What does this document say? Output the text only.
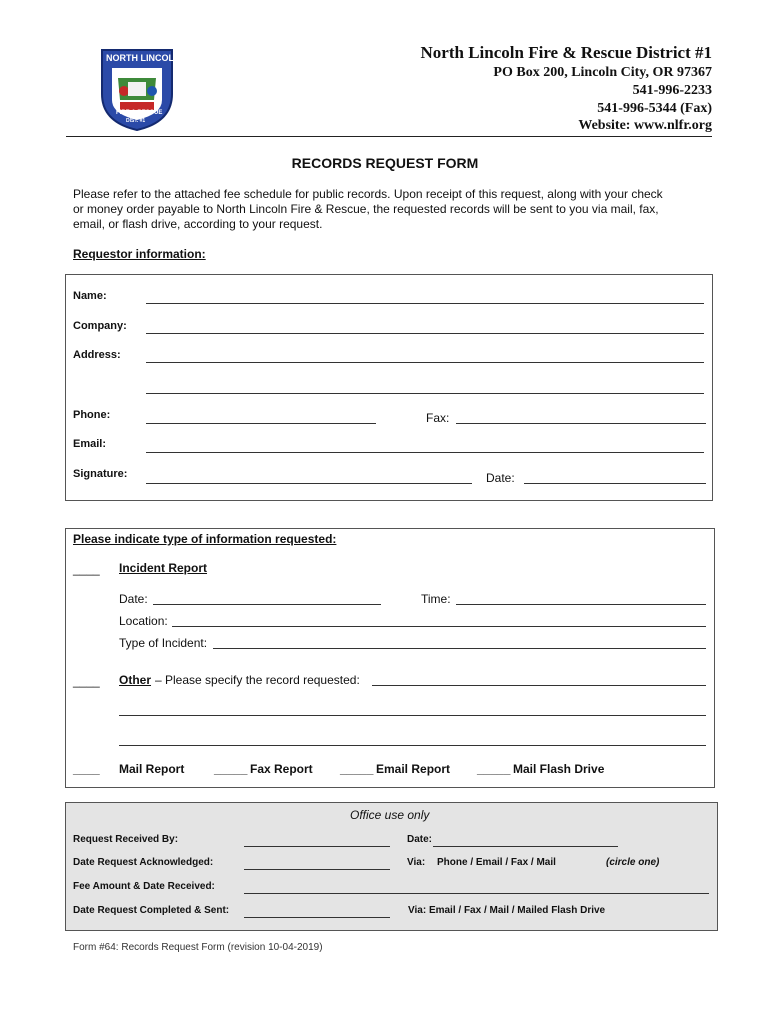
NORTH LINCOLN
FIRE & RESCUE
DIST. #1
North Lincoln Fire & Rescue District #1
PO Box 200, Lincoln City, OR 97367
541-996-2233
541-996-5344 (Fax)
Website: www.nlfr.org
RECORDS REQUEST FORM
Please refer to the attached fee schedule for public records. Upon receipt of this request, along with your check
or money order payable to North Lincoln Fire & Rescue, the requested records will be sent to you via mail, fax,
email, or flash drive, according to your request.
Requestor information:
Name:
Company:
Address:
Phone:	Fax:
Email:
Signature:	Date:
Please indicate type of information requested:
____ Incident Report
Date:	Time:
Location:
Type of Incident:
____ Other – Please specify the record requested:
____ Mail Report _____ Fax Report _____ Email Report _____ Mail Flash Drive
Office use only
Request Received By:	Date:
Date Request Acknowledged:	Via: Phone / Email / Fax / Mail	(circle one)
Fee Amount & Date Received:
Date Request Completed & Sent:	Via: Email / Fax / Mail / Mailed Flash Drive
Form #64: Records Request Form (revision 10-04-2019)
